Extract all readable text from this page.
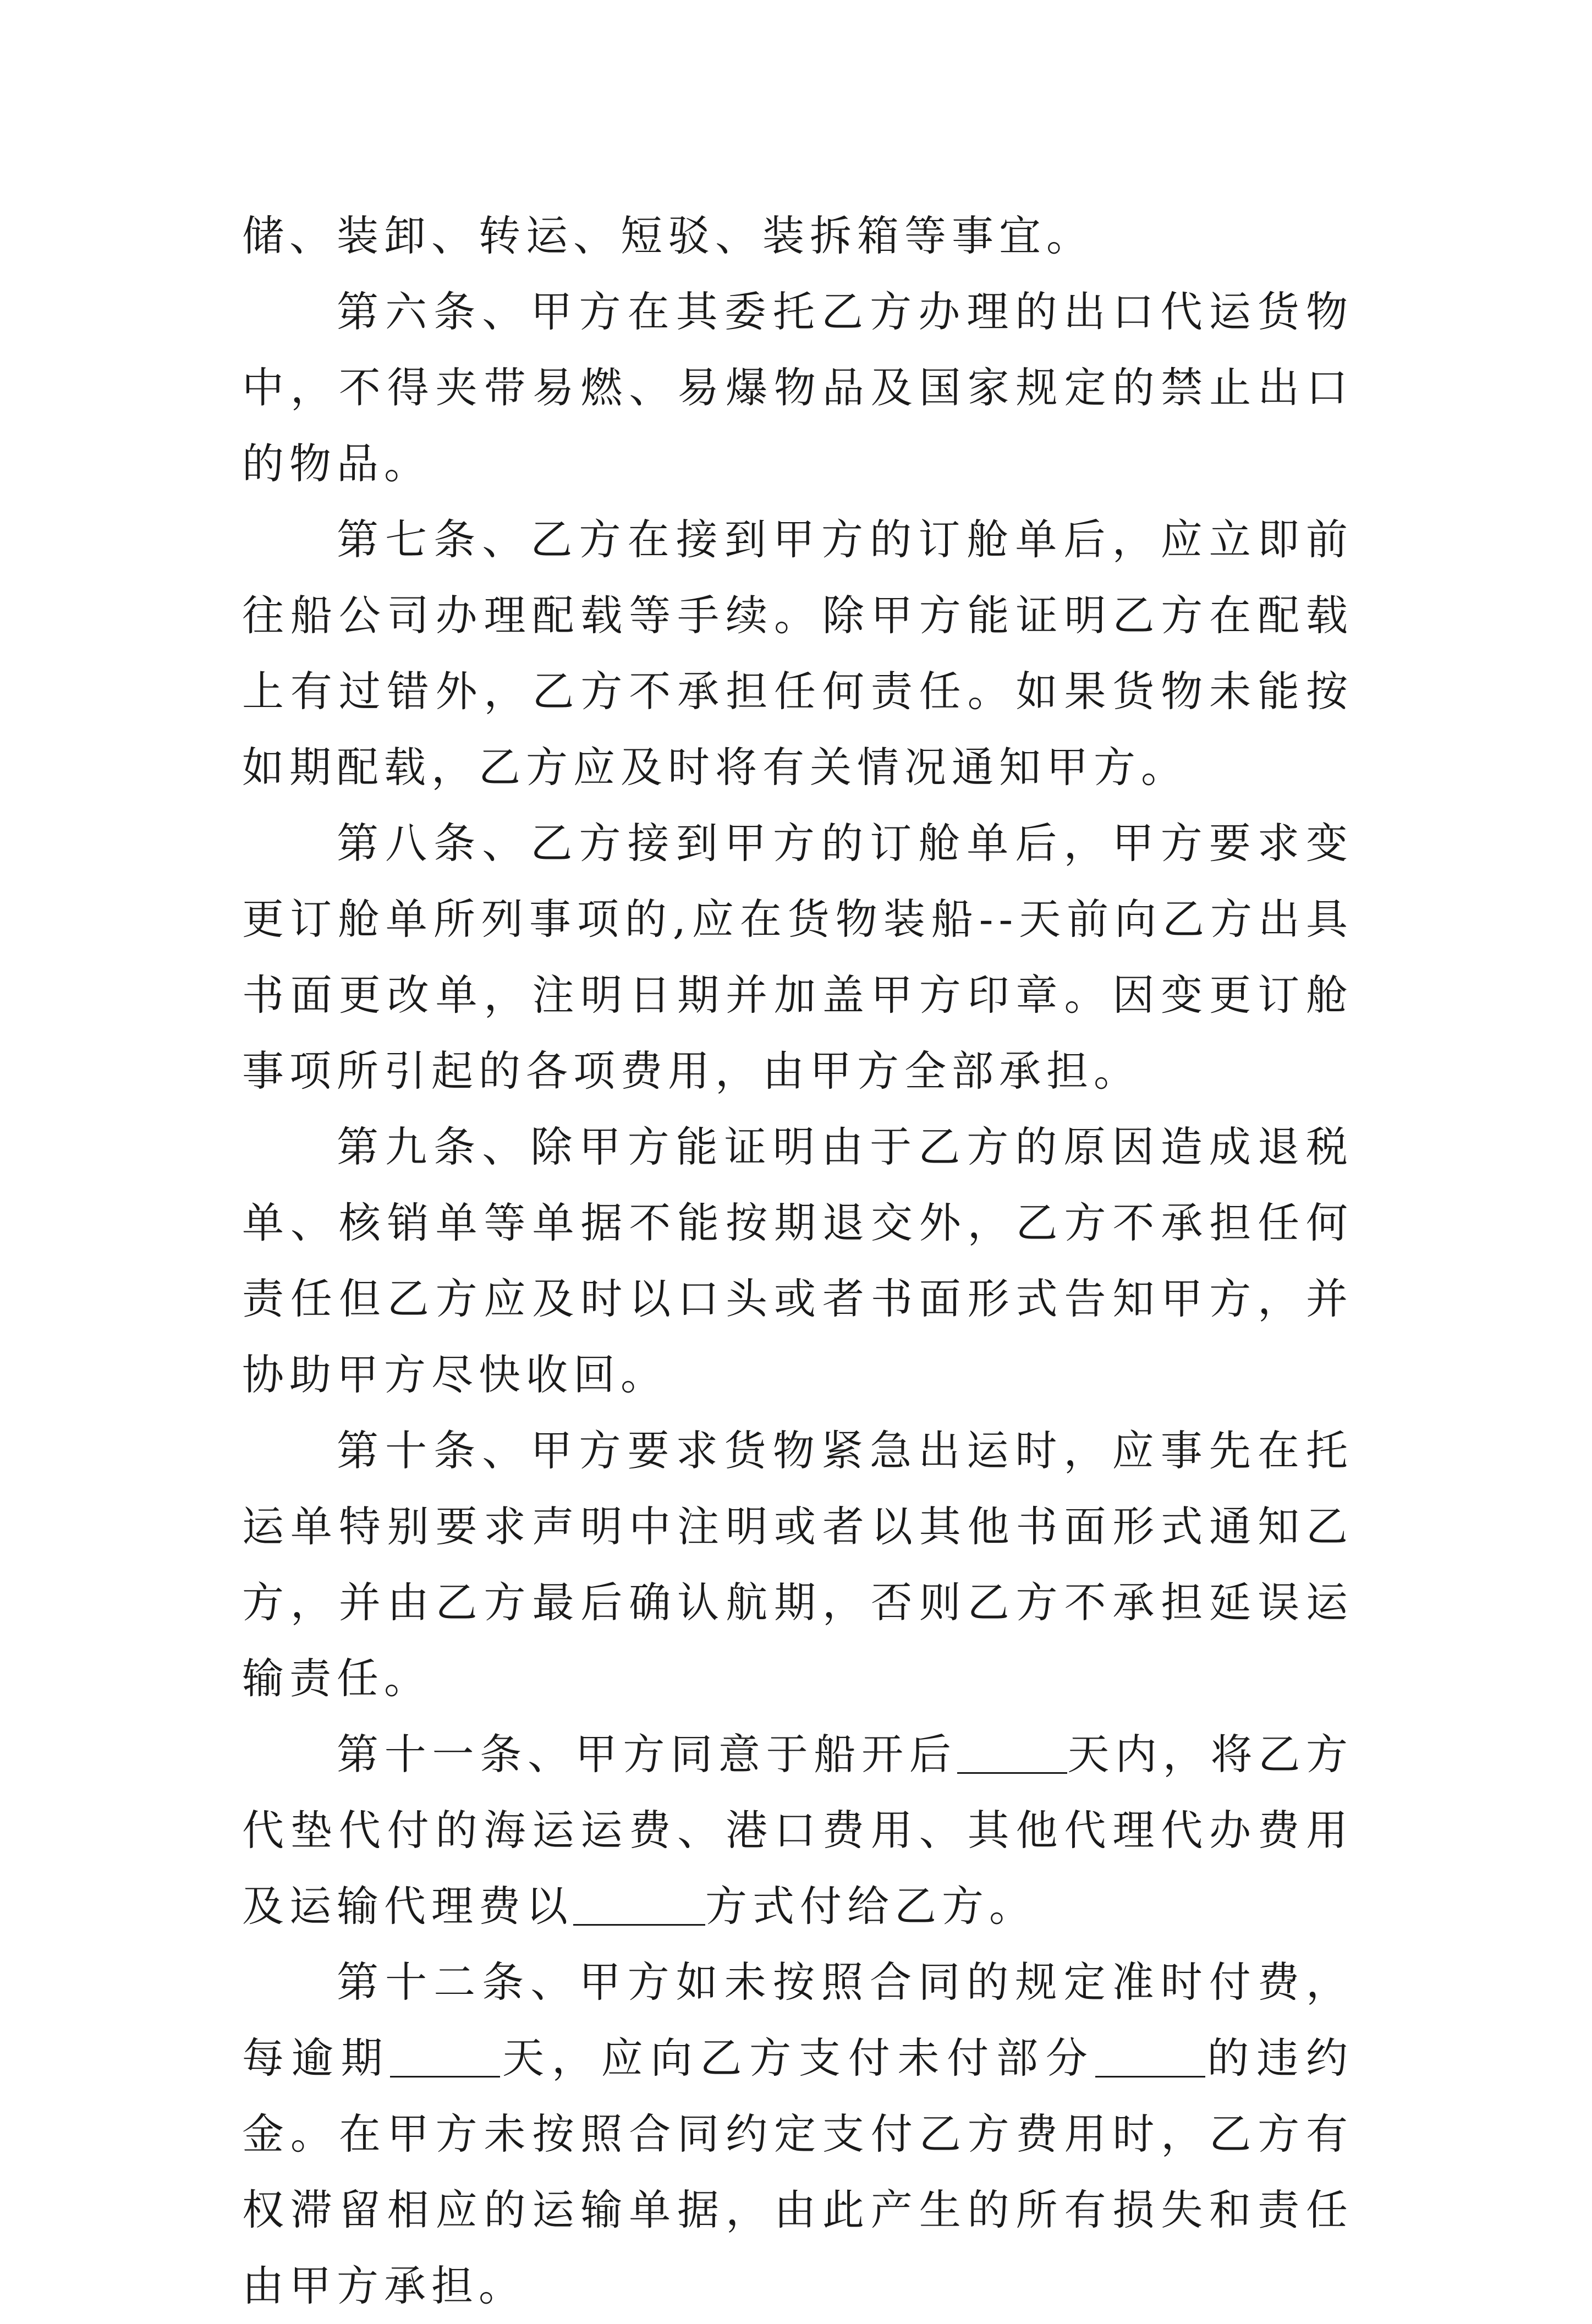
储、装卸、转运、短驳、装拆箱等事宜。

第六条、甲方在其委托乙方办理的出口代运货物中，不得夹带易燃、易爆物品及国家规定的禁止出口的物品。

第七条、乙方在接到甲方的订舱单后，应立即前往船公司办理配载等手续。除甲方能证明乙方在配载上有过错外，乙方不承担任何责任。如果货物未能按如期配载，乙方应及时将有关情况通知甲方。

第八条、乙方接到甲方的订舱单后，甲方要求变更订舱单所列事项的,应在货物装船--天前向乙方出具书面更改单，注明日期并加盖甲方印章。因变更订舱事项所引起的各项费用，由甲方全部承担。

第九条、除甲方能证明由于乙方的原因造成退税单、核销单等单据不能按期退交外，乙方不承担任何责任但乙方应及时以口头或者书面形式告知甲方，并协助甲方尽快收回。

第十条、甲方要求货物紧急出运时，应事先在托运单特别要求声明中注明或者以其他书面形式通知乙方，并由乙方最后确认航期，否则乙方不承担延误运输责任。

第十一条、甲方同意于船开后	天内，将乙方代垫代付的海运运费、港口费用、其他代理代办费用及运输代理费以	方式付给乙方。

第十二条、甲方如未按照合同的规定准时付费，每逾期	天，应向乙方支付未付部分	的违约金。在甲方未按照合同约定支付乙方费用时，乙方有权滞留相应的运输单据，由此产生的所有损失和责任由甲方承担。
